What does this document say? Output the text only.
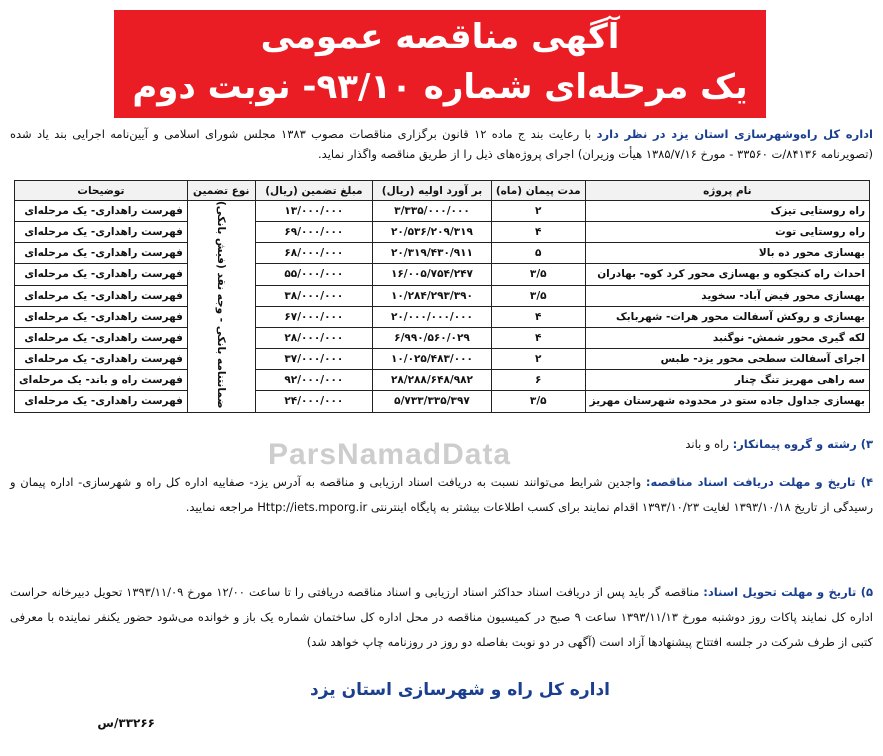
آگهی مناقصه عمومی
یک مرحله‌ای شماره ۹۳/۱۰- نوبت دوم
اداره کل راه‌وشهرسازی استان یزد در نظر دارد با رعایت بند ج ماده ۱۲ قانون برگزاری مناقصات مصوب ۱۳۸۳ مجلس شورای اسلامی و آیین‌نامه اجرایی بند یاد شده (تصویرنامه ۸۴۱۳۶/ت ۳۳۵۶۰ - مورخ ۱۳۸۵/۷/۱۶ هیأت وزیران) اجرای پروژه‌های ذیل را از طریق مناقصه واگذار نماید.
نام پروژه	مدت پیمان (ماه)	بر آورد اولیه (ریال)	مبلغ تضمین (ریال)	نوع تضمین	توضیحات
راه روستایی تیزک	۲	۳/۳۳۵/۰۰۰/۰۰۰	۱۳/۰۰۰/۰۰۰	ضمانتنامه بانکی - وجه نقد (فیش بانکی)	فهرست راهداری- یک مرحله‌ای
راه روستایی توت	۴	۲۰/۵۳۶/۲۰۹/۳۱۹	۶۹/۰۰۰/۰۰۰		فهرست راهداری- یک مرحله‌ای
بهسازی محور ده بالا	۵	۲۰/۳۱۹/۴۳۰/۹۱۱	۶۸/۰۰۰/۰۰۰		فهرست راهداری- یک مرحله‌ای
احداث راه کنجکوه و بهسازی محور کرد کوه- بهادران	۳/۵	۱۶/۰۰۵/۷۵۴/۲۴۷	۵۵/۰۰۰/۰۰۰		فهرست راهداری- یک مرحله‌ای
بهسازی محور فیض آباد- سخوید	۳/۵	۱۰/۲۸۴/۲۹۳/۳۹۰	۳۸/۰۰۰/۰۰۰		فهرست راهداری- یک مرحله‌ای
بهسازی و روکش آسفالت محور هرات- شهربابک	۴	۲۰/۰۰۰/۰۰۰/۰۰۰	۶۷/۰۰۰/۰۰۰		فهرست راهداری- یک مرحله‌ای
لکه گیری محور شمش- نوگنبد	۴	۶/۹۹۰/۵۶۰/۰۲۹	۲۸/۰۰۰/۰۰۰		فهرست راهداری- یک مرحله‌ای
اجرای آسفالت سطحی محور یزد- طبس	۲	۱۰/۰۲۵/۴۸۳/۰۰۰	۳۷/۰۰۰/۰۰۰		فهرست راهداری- یک مرحله‌ای
سه راهی مهریز تنگ چنار	۶	۲۸/۲۸۸/۶۴۸/۹۸۲	۹۲/۰۰۰/۰۰۰		فهرست راه و باند- یک مرحله‌ای
بهسازی جداول جاده ستو در محدوده شهرستان مهریز	۳/۵	۵/۷۳۳/۳۳۵/۳۹۷	۲۴/۰۰۰/۰۰۰		فهرست راهداری- یک مرحله‌ای
ParsNamadData	۳) رشته و گروه پیمانکار: راه و باند
۴) تاریخ و مهلت دریافت اسناد مناقصه: واجدین شرایط می‌توانند نسبت به دریافت اسناد ارزیابی و مناقصه به آدرس یزد- صفاییه اداره کل راه و شهرسازی- اداره پیمان و رسیدگی از تاریخ ۱۳۹۳/۱۰/۱۸ لغایت ۱۳۹۳/۱۰/۲۳ اقدام نمایند برای کسب اطلاعات بیشتر به پایگاه اینترنتی Http://iets.mporg.ir مراجعه نمایید.
۵) تاریخ و مهلت تحویل اسناد: مناقصه گر باید پس از دریافت اسناد حداکثر اسناد ارزیابی و اسناد مناقصه دریافتی را تا ساعت ۱۲/۰۰ مورخ ۱۳۹۳/۱۱/۰۹ تحویل دبیرخانه حراست اداره کل نمایند پاکات روز دوشنبه مورخ ۱۳۹۳/۱۱/۱۳ ساعت ۹ صبح در کمیسیون مناقصه در محل اداره کل ساختمان شماره یک باز و خوانده می‌شود حضور یکنفر نماینده با معرفی کتبی از طرف شرکت در جلسه افتتاح پیشنهادها آزاد است (آگهی در دو نوبت بفاصله دو روز در روزنامه چاپ خواهد شد)
اداره کل راه و شهرسازی استان یزد
۳۳۲۶۶/س
